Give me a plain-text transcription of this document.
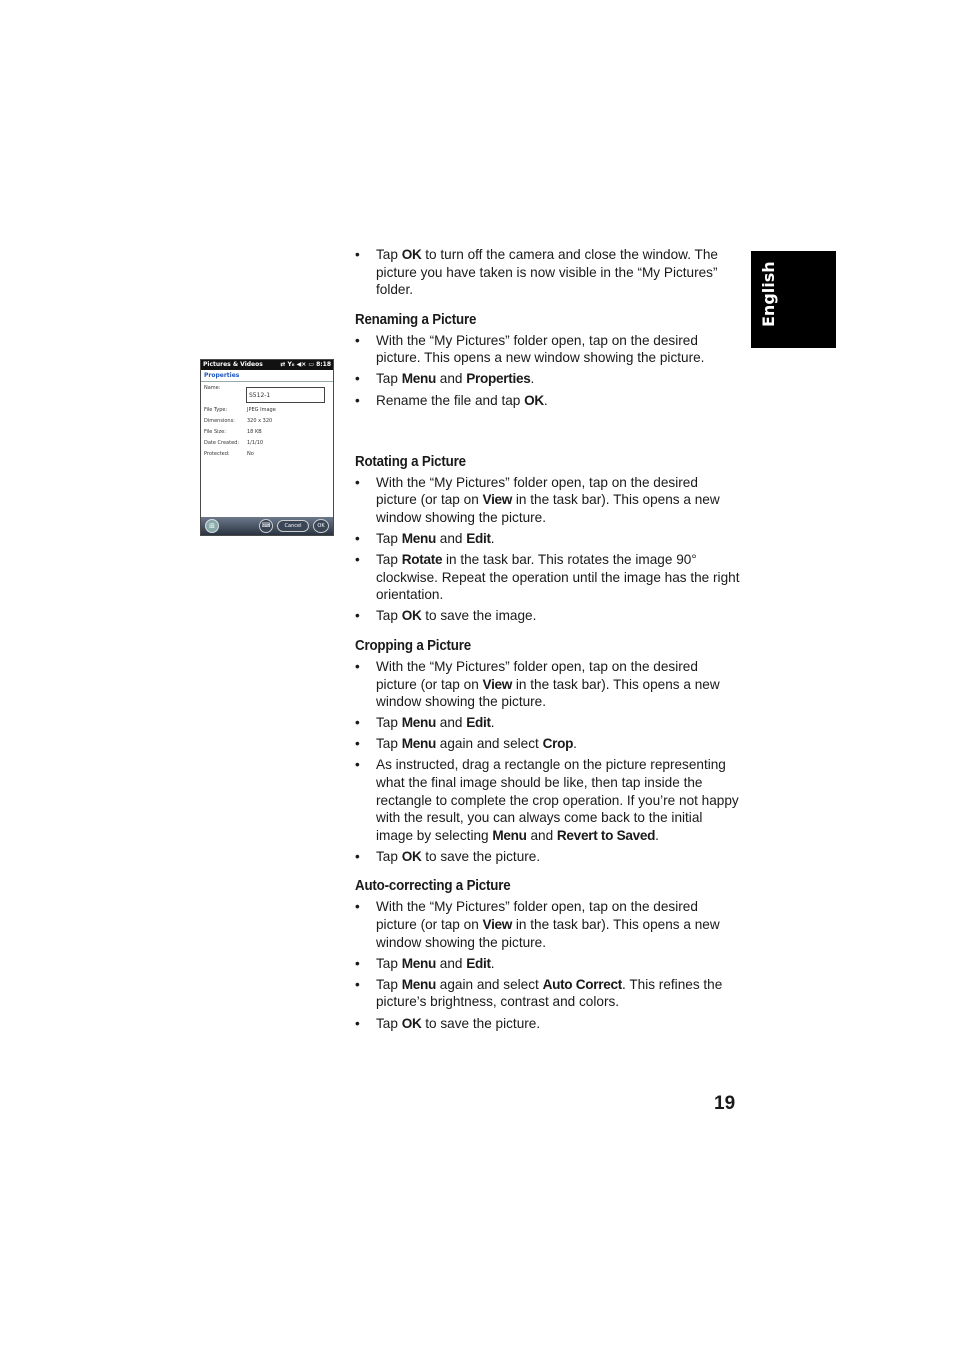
English
Pictures & Videos	⇄ Yᵢᵢ ◀× ▭ 8:18
Properties
Name:
S512-1
File Type:	JPEG Image
Dimensions: 320 x 320
File Size:	18 KB
Date Created: 1/1/10
Protected:	No
⊞	⌨	Cancel	OK
• Tap OK to turn off the camera and close the window. The picture you have taken is now visible in the “My Pictures” folder.
Renaming a Picture
• With the “My Pictures” folder open, tap on the desired picture. This opens a new window showing the picture.
• Tap Menu and Properties.
• Rename the file and tap OK.
Rotating a Picture
• With the “My Pictures” folder open, tap on the desired picture (or tap on View in the task bar). This opens a new window showing the picture.
• Tap Menu and Edit.
• Tap Rotate in the task bar. This rotates the image 90° clockwise. Repeat the operation until the image has the right orientation.
• Tap OK to save the image.
Cropping a Picture
• With the “My Pictures” folder open, tap on the desired picture (or tap on View in the task bar). This opens a new window showing the picture.
• Tap Menu and Edit.
• Tap Menu again and select Crop.
• As instructed, drag a rectangle on the picture representing what the final image should be like, then tap inside the rectangle to complete the crop operation. If you’re not happy with the result, you can always come back to the initial image by selecting Menu and Revert to Saved.
• Tap OK to save the picture.
Auto-correcting a Picture
• With the “My Pictures” folder open, tap on the desired picture (or tap on View in the task bar). This opens a new window showing the picture.
• Tap Menu and Edit.
• Tap Menu again and select Auto Correct. This refines the picture’s brightness, contrast and colors.
• Tap OK to save the picture.
19
